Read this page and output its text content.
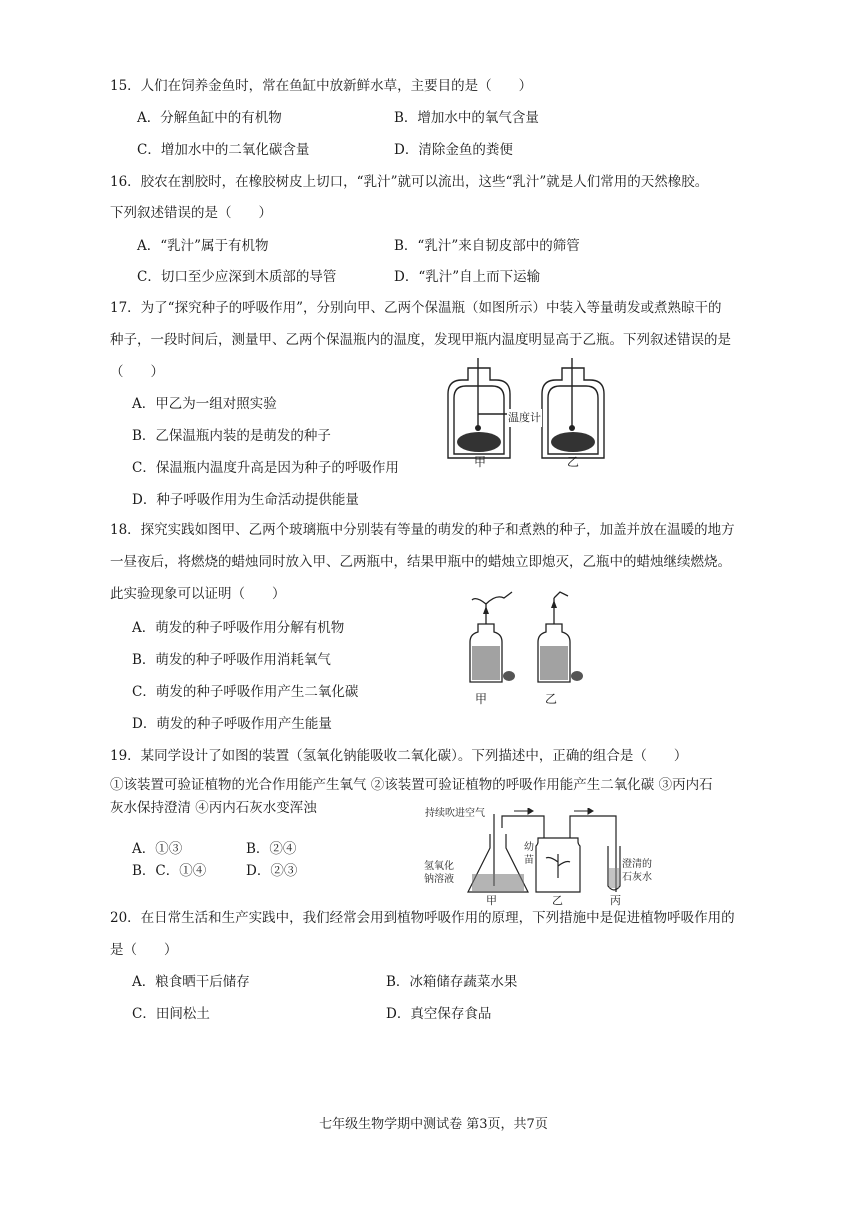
15．人们在饲养金鱼时，常在鱼缸中放新鲜水草，主要目的是（　　）
A．分解鱼缸中的有机物	B．增加水中的氧气含量
C．增加水中的二氧化碳含量	D．清除金鱼的粪便
16．胶农在割胶时，在橡胶树皮上切口，“乳汁”就可以流出，这些“乳汁”就是人们常用的天然橡胶。
下列叙述错误的是（　　）
A．“乳汁”属于有机物	B．“乳汁”来自韧皮部中的筛管
C．切口至少应深到木质部的导管	D．“乳汁”自上而下运输
17．为了“探究种子的呼吸作用”，分别向甲、乙两个保温瓶（如图所示）中装入等量萌发或煮熟晾干的
种子，一段时间后，测量甲、乙两个保温瓶内的温度，发现甲瓶内温度明显高于乙瓶。下列叙述错误的是
（　　）
A．甲乙为一组对照实验
B．乙保温瓶内装的是萌发的种子
C．保温瓶内温度升高是因为种子的呼吸作用
D．种子呼吸作用为生命活动提供能量
温度计
甲	乙
18．探究实践如图甲、乙两个玻璃瓶中分别装有等量的萌发的种子和煮熟的种子，加盖并放在温暖的地方
一昼夜后，将燃烧的蜡烛同时放入甲、乙两瓶中，结果甲瓶中的蜡烛立即熄灭，乙瓶中的蜡烛继续燃烧。
此实验现象可以证明（　　）
A．萌发的种子呼吸作用分解有机物
B．萌发的种子呼吸作用消耗氧气
C．萌发的种子呼吸作用产生二氧化碳
D．萌发的种子呼吸作用产生能量
甲	乙
19．某同学设计了如图的装置（氢氧化钠能吸收二氧化碳）。下列描述中，正确的组合是（　　）
①该装置可验证植物的光合作用能产生氧气 ②该装置可验证植物的呼吸作用能产生二氧化碳 ③丙内石
灰水保持澄清 ④丙内石灰水变浑浊
A．①③	B．②④
B．C．①④	D．②③
持续吹进空气
氢氧化
钠溶液
幼
苗	澄清的
石灰水
甲	乙	丙
20．在日常生活和生产实践中，我们经常会用到植物呼吸作用的原理，下列措施中是促进植物呼吸作用的
是（　　）
A．粮食晒干后储存	B．冰箱储存蔬菜水果
C．田间松土	D．真空保存食品
七年级生物学期中测试卷 第3页，共7页
